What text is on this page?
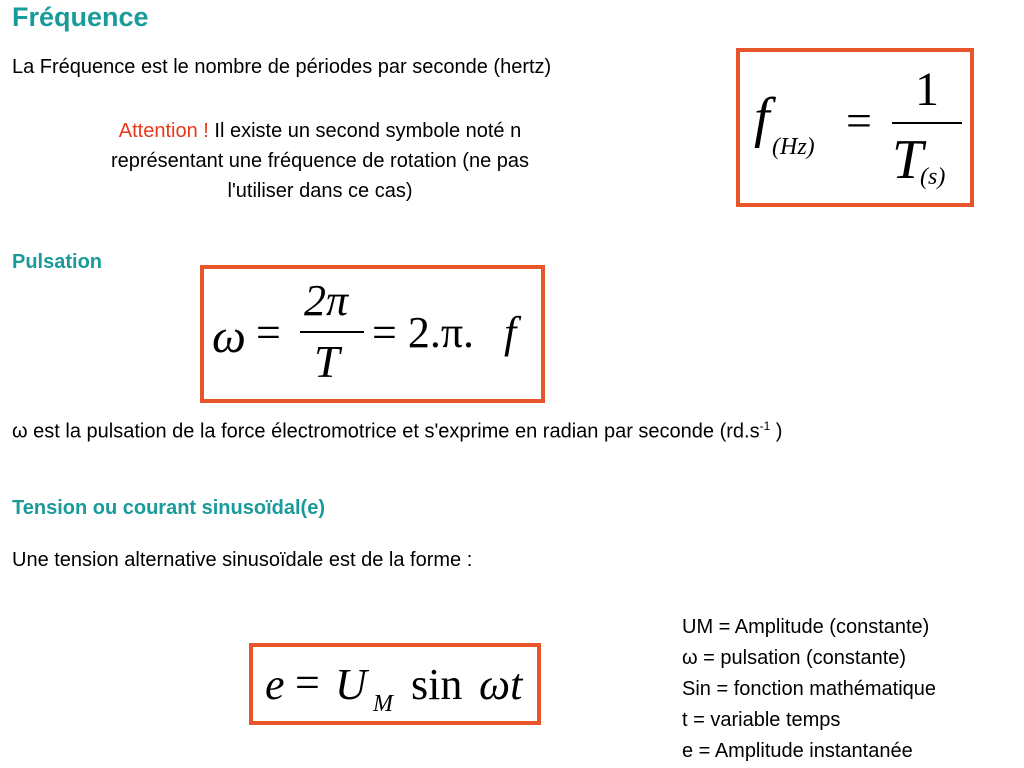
Fréquence
La Fréquence est le nombre de périodes par seconde (hertz)
Attention ! Il existe un second symbole noté n
représentant une fréquence de rotation (ne pas
l'utiliser dans ce cas)
f (Hz)
=
1
T
(s)
Pulsation
ω =
2π
T
= 2.π. f
ω est la pulsation de la force électromotrice et s'exprime en radian par seconde ($rd.s^{-1}$ )
Tension ou courant sinusoïdal(e)
Une tension alternative sinusoïdale est de la forme :
e = U M sin ωt
UM = Amplitude (constante)
ω = pulsation (constante)
Sin = fonction mathématique
t = variable temps
e = Amplitude instantanée
